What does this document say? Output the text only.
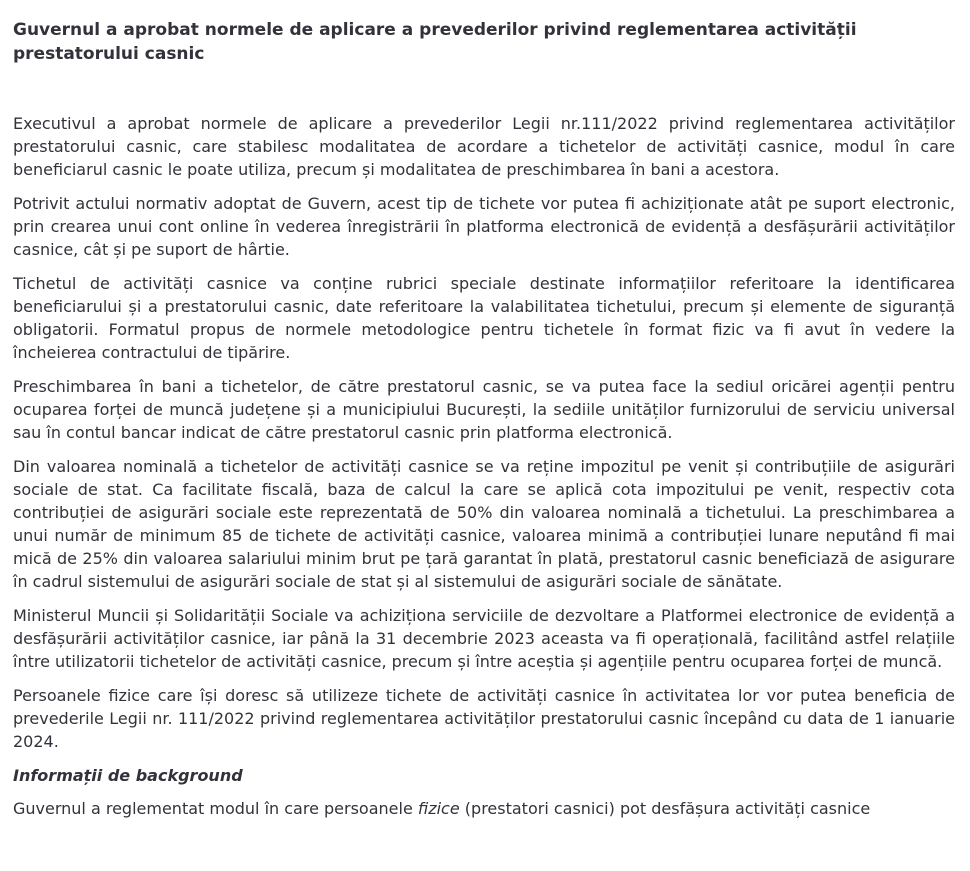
Guvernul a aprobat normele de aplicare a prevederilor privind reglementarea activității prestatorului casnic

Executivul a aprobat normele de aplicare a prevederilor Legii nr.111/2022 privind reglementarea activităților prestatorului casnic, care stabilesc modalitatea de acordare a tichetelor de activități casnice, modul în care beneficiarul casnic le poate utiliza, precum și modalitatea de preschimbarea în bani a acestora.

Potrivit actului normativ adoptat de Guvern, acest tip de tichete vor putea fi achiziționate atât pe suport electronic, prin crearea unui cont online în vederea înregistrării în platforma electronică de evidență a desfășurării activităților casnice, cât și pe suport de hârtie.

Tichetul de activități casnice va conține rubrici speciale destinate informațiilor referitoare la identificarea beneficiarului și a prestatorului casnic, date referitoare la valabilitatea tichetului, precum și elemente de siguranță obligatorii. Formatul propus de normele metodologice pentru tichetele în format fizic va fi avut în vedere la încheierea contractului de tipărire.

Preschimbarea în bani a tichetelor, de către prestatorul casnic, se va putea face la sediul oricărei agenții pentru ocuparea forței de muncă județene și a municipiului București, la sediile unităților furnizorului de serviciu universal sau în contul bancar indicat de către prestatorul casnic prin platforma electronică.

Din valoarea nominală a tichetelor de activități casnice se va reține impozitul pe venit și contribuțiile de asigurări sociale de stat. Ca facilitate fiscală, baza de calcul la care se aplică cota impozitului pe venit, respectiv cota contribuției de asigurări sociale este reprezentată de 50% din valoarea nominală a tichetului. La preschimbarea a unui număr de minimum 85 de tichete de activități casnice, valoarea minimă a contribuției lunare neputând fi mai mică de 25% din valoarea salariului minim brut pe țară garantat în plată, prestatorul casnic beneficiază de asigurare în cadrul sistemului de asigurări sociale de stat și al sistemului de asigurări sociale de sănătate.

Ministerul Muncii și Solidarității Sociale va achiziționa serviciile de dezvoltare a Platformei electronice de evidență a desfășurării activităților casnice, iar până la 31 decembrie 2023 aceasta va fi operațională, facilitând astfel relațiile între utilizatorii tichetelor de activități casnice, precum și între aceștia și agențiile pentru ocuparea forței de muncă.

Persoanele fizice care își doresc să utilizeze tichete de activități casnice în activitatea lor vor putea beneficia de prevederile Legii nr. 111/2022 privind reglementarea activităților prestatorului casnic începând cu data de 1 ianuarie 2024.

Informații de background

Guvernul a reglementat modul în care persoanele fizice (prestatori casnici) pot desfășura activități casnice
